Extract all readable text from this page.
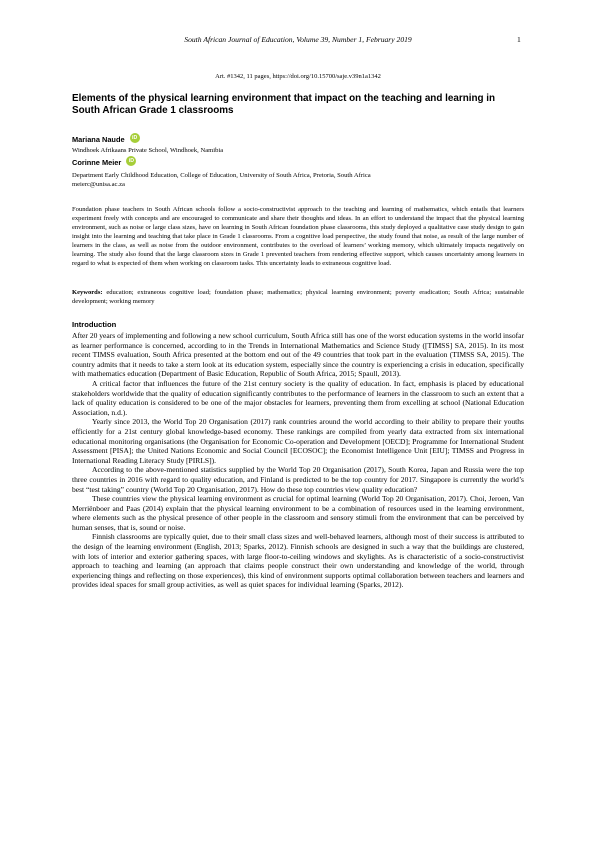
South African Journal of Education, Volume 39, Number 1, February 2019	1
Art. #1342, 11 pages, https://doi.org/10.15700/saje.v39n1a1342
Elements of the physical learning environment that impact on the teaching and learning in South African Grade 1 classrooms
Mariana Naude iD
Windhoek Afrikaans Private School, Windhoek, Namibia
Corinne Meier iD
Department Early Childhood Education, College of Education, University of South Africa, Pretoria, South Africa
meierc@unisa.ac.za

Foundation phase teachers in South African schools follow a socio-constructivist approach to the teaching and learning of mathematics, which entails that learners experiment freely with concepts and are encouraged to communicate and share their thoughts and ideas. In an effort to understand the impact that the physical learning environment, such as noise or large class sizes, have on learning in South African foundation phase classrooms, this study deployed a qualitative case study design to gain insight into the learning and teaching that take place in Grade 1 classrooms. From a cognitive load perspective, the study found that noise, as result of the large number of learners in the class, as well as noise from the outdoor environment, contributes to the overload of learners’ working memory, which ultimately impacts negatively on learning. The study also found that the large classroom sizes in Grade 1 prevented teachers from rendering effective support, which causes uncertainty among learners in regard to what is expected of them when working on classroom tasks. This uncertainty leads to extraneous cognitive load.

Keywords: education; extraneous cognitive load; foundation phase; mathematics; physical learning environment; poverty eradication; South Africa; sustainable development; working memory

Introduction

After 20 years of implementing and following a new school curriculum, South Africa still has one of the worst education systems in the world insofar as learner performance is concerned, according to in the Trends in International Mathematics and Science Study ([TIMSS] SA, 2015). In its most recent TIMSS evaluation, South Africa presented at the bottom end out of the 49 countries that took part in the evaluation (TIMSS SA, 2015). The country admits that it needs to take a stern look at its education system, especially since the country is experiencing a crisis in education, specifically with mathematics education (Department of Basic Education, Republic of South Africa, 2015; Spaull, 2013).

A critical factor that influences the future of the 21st century society is the quality of education. In fact, emphasis is placed by educational stakeholders worldwide that the quality of education significantly contributes to the performance of learners in the classroom to such an extent that a lack of quality education is considered to be one of the major obstacles for learners, preventing them from excelling at school (National Education Association, n.d.).

Yearly since 2013, the World Top 20 Organisation (2017) rank countries around the world according to their ability to prepare their youths efficiently for a 21st century global knowledge-based economy. These rankings are compiled from yearly data extracted from six international educational monitoring organisations (the Organisation for Economic Co-operation and Development [OECD]; Programme for International Student Assessment [PISA]; the United Nations Economic and Social Council [ECOSOC]; the Economist Intelligence Unit [EIU]; TIMSS and Progress in International Reading Literacy Study [PIRLS]).

According to the above-mentioned statistics supplied by the World Top 20 Organisation (2017), South Korea, Japan and Russia were the top three countries in 2016 with regard to quality education, and Finland is predicted to be the top country for 2017. Singapore is currently the world’s best “test taking” country (World Top 20 Organisation, 2017). How do these top countries view quality education?

These countries view the physical learning environment as crucial for optimal learning (World Top 20 Organisation, 2017). Choi, Jeroen, Van Merriënboer and Paas (2014) explain that the physical learning environment to be a combination of resources used in the learning environment, where elements such as the physical presence of other people in the classroom and sensory stimuli from the environment that can be perceived by human senses, that is, sound or noise.

Finnish classrooms are typically quiet, due to their small class sizes and well-behaved learners, although most of their success is attributed to the design of the learning environment (English, 2013; Sparks, 2012). Finnish schools are designed in such a way that the buildings are clustered, with lots of interior and exterior gathering spaces, with large floor-to-ceiling windows and skylights. As is characteristic of a socio-constructivist approach to teaching and learning (an approach that claims people construct their own understanding and knowledge of the world, through experiencing things and reflecting on those experiences), this kind of environment supports optimal collaboration between teachers and learners and provides ideal spaces for small group activities, as well as quiet spaces for individual learning (Sparks, 2012).
